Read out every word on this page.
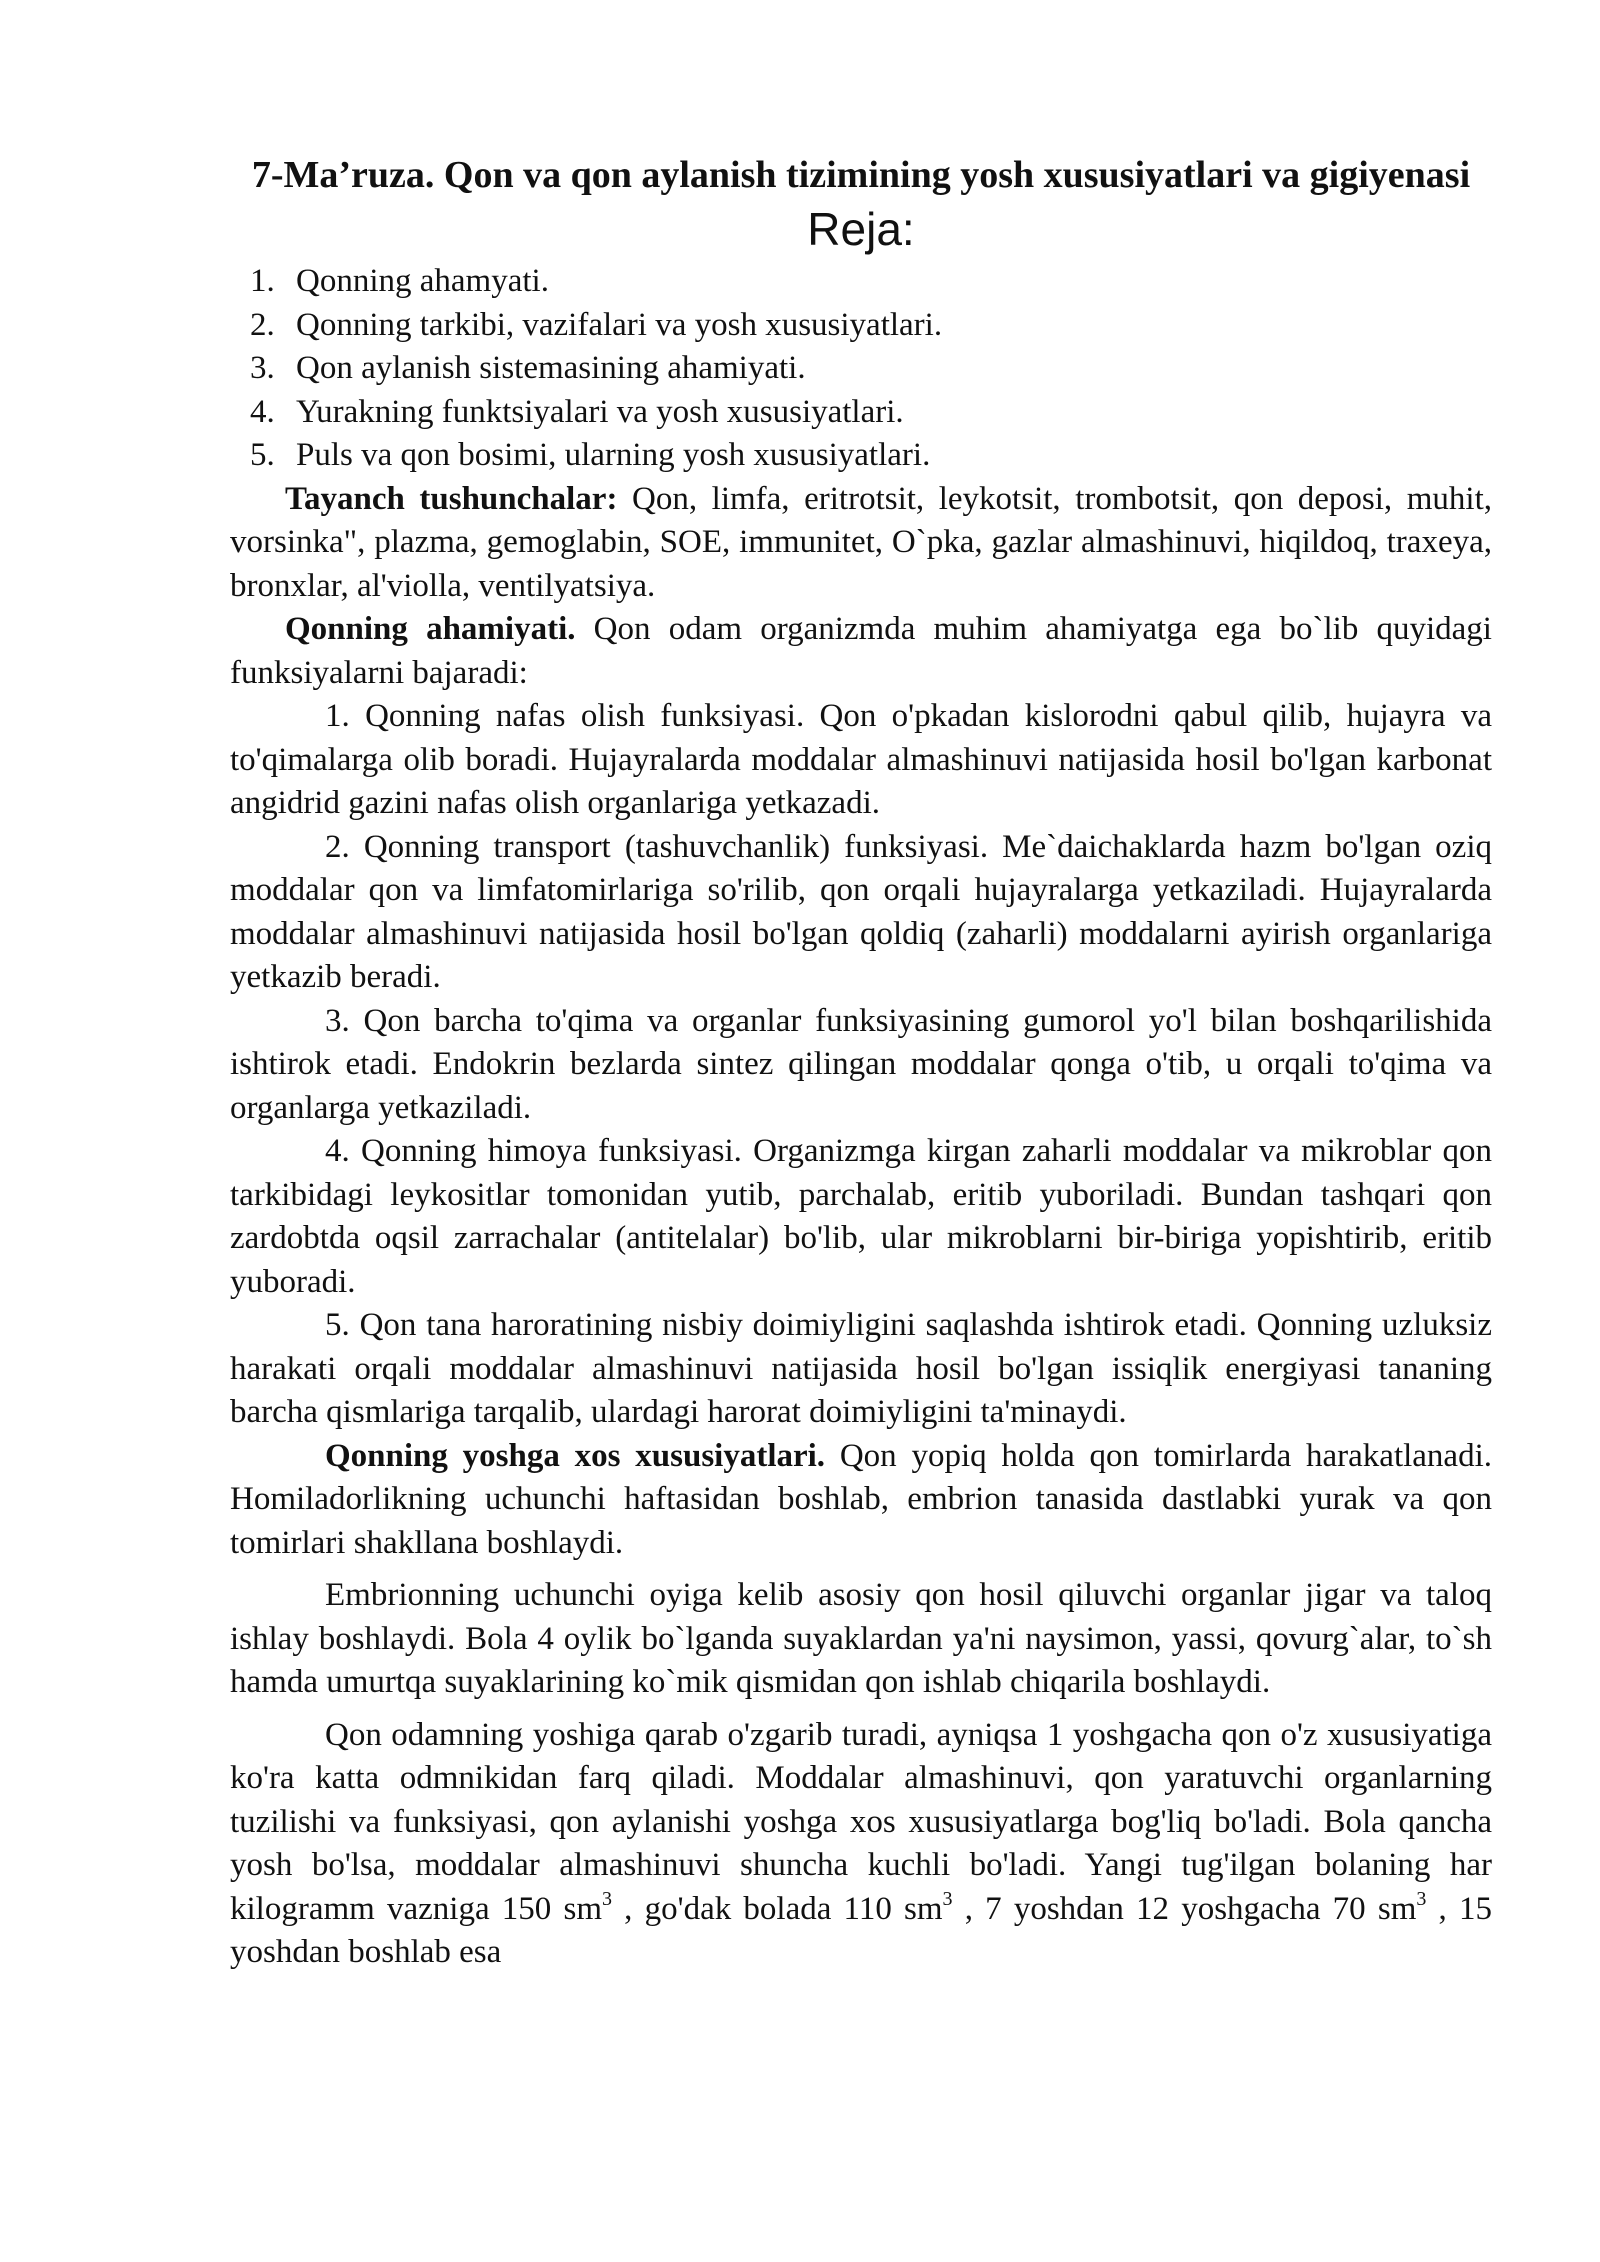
7-Ma’ruza. Qon va qon aylanish tizimining yosh xususiyatlari va gigiyenasi
Reja:
1. Qonning ahamyati.
2. Qonning tarkibi, vazifalari va yosh xususiyatlari.
3. Qon aylanish sistemasining ahamiyati.
4. Yurakning funktsiyalari va yosh xususiyatlari.
5. Puls va qon bosimi, ularning yosh xususiyatlari.

Tayanch tushunchalar: Qon, limfa, eritrotsit, leykotsit, trombotsit, qon deposi, muhit, vorsinka", plazma, gemoglabin, SOE, immunitet, O`pka, gazlar almashinuvi, hiqildoq, traxeya, bronxlar, al'violla, ventilyatsiya.

Qonning ahamiyati. Qon odam organizmda muhim ahamiyatga ega bo`lib quyidagi funksiyalarni bajaradi:

1. Qonning nafas olish funksiyasi. Qon o'pkadan kislorodni qabul qilib, hujayra va to'qimalarga olib boradi. Hujayralarda moddalar almashinuvi natijasida hosil bo'lgan karbonat angidrid gazini nafas olish organlariga yetkazadi.

2. Qonning transport (tashuvchanlik) funksiyasi. Me`daichaklarda hazm bo'lgan oziq moddalar qon va limfatomirlariga so'rilib, qon orqali hujayralarga yetkaziladi. Hujayralarda moddalar almashinuvi natijasida hosil bo'lgan qoldiq (zaharli) moddalarni ayirish organlariga yetkazib beradi.

3. Qon barcha to'qima va organlar funksiyasining gumorol yo'l bilan boshqarilishida ishtirok etadi. Endokrin bezlarda sintez qilingan moddalar qonga o'tib, u orqali to'qima va organlarga yetkaziladi.

4. Qonning himoya funksiyasi. Organizmga kirgan zaharli moddalar va mikroblar qon tarkibidagi leykositlar tomonidan yutib, parchalab, eritib yuboriladi. Bundan tashqari qon zardobtda oqsil zarrachalar (antitelalar) bo'lib, ular mikroblarni bir-biriga yopishtirib, eritib yuboradi.

5. Qon tana haroratining nisbiy doimiyligini saqlashda ishtirok etadi. Qonning uzluksiz harakati orqali moddalar almashinuvi natijasida hosil bo'lgan issiqlik energiyasi tananing barcha qismlariga tarqalib, ulardagi harorat doimiyligini ta'minaydi.

Qonning yoshga xos xususiyatlari. Qon yopiq holda qon tomirlarda harakatlanadi. Homiladorlikning uchunchi haftasidan boshlab, embrion tanasida dastlabki yurak va qon tomirlari shakllana boshlaydi.

Embrionning uchunchi oyiga kelib asosiy qon hosil qiluvchi organlar jigar va taloq ishlay boshlaydi. Bola 4 oylik bo`lganda suyaklardan ya'ni naysimon, yassi, qovurg`alar, to`sh hamda umurtqa suyaklarining ko`mik qismidan qon ishlab chiqarila boshlaydi.

Qon odamning yoshiga qarab o'zgarib turadi, ayniqsa 1 yoshgacha qon o'z xususiyatiga ko'ra katta odmnikidan farq qiladi. Moddalar almashinuvi, qon yaratuvchi organlarning tuzilishi va funksiyasi, qon aylanishi yoshga xos xususiyatlarga bog'liq bo'ladi. Bola qancha yosh bo'lsa, moddalar almashinuvi shuncha kuchli bo'ladi. Yangi tug'ilgan bolaning har kilogramm vazniga 150 $sm^3$ , go'dak bolada 110 $sm^3$ , 7 yoshdan 12 yoshgacha 70 $sm^3$ , 15 yoshdan boshlab esa
